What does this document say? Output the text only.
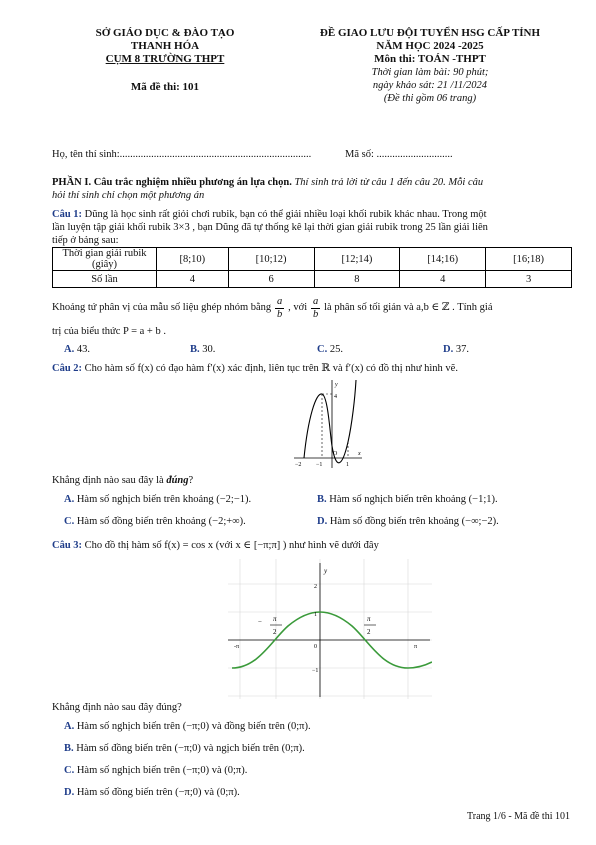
SỞ GIÁO DỤC & ĐÀO TẠO
THANH HÓA
CỤM 8 TRƯỜNG THPT
Mã đề thi: 101
ĐỀ GIAO LƯU ĐỘI TUYỂN HSG CẤP TỈNH
NĂM HỌC 2024 -2025
Môn thi: TOÁN -THPT
Thời gian làm bài: 90 phút;
ngày khảo sát: 21 /11/2024
(Đề thi gồm 06 trang)
Họ, tên thí sinh:.........................................................................	Mã số: .............................
PHẦN I. Câu trắc nghiệm nhiều phương án lựa chọn. Thí sinh trả lời từ câu 1 đến câu 20. Mỗi câu
hỏi thí sinh chỉ chọn một phương án
Câu 1: Dũng là học sinh rất giỏi chơi rubik, bạn có thể giải nhiều loại khối rubik khác nhau. Trong một
lần luyện tập giải khối rubik 3×3 , bạn Dũng đã tự thống kê lại thời gian giải rubik trong 25 lần giải liên
tiếp ở bảng sau:
Thời gian giải rubik (giây)	[8;10)	[10;12)	[12;14)	[14;16)	[16;18)
Số lần	4	6	8	4	3
Khoảng tứ phân vị của mẫu số liệu ghép nhóm bằng $\frac{a}{b}$ , với $\frac{a}{b}$ là phân số tối giản và a,b ∈ ℤ . Tính giá
trị của biểu thức P = a + b .
A. 43.	B. 30.	C. 25.	D. 37.
Câu 2: Cho hàm số f(x) có đạo hàm f′(x) xác định, liên tục trên ℝ và f′(x) có đồ thị như hình vẽ.
y
x
4
O
−2 −1	1
Khẳng định nào sau đây là đúng?
A. Hàm số nghịch biến trên khoảng (−2;−1).	B. Hàm số nghịch biến trên khoảng (−1;1).
C. Hàm số đồng biến trên khoảng (−2;+∞).	D. Hàm số đồng biến trên khoảng (−∞;−2).
Câu 3: Cho đồ thị hàm số f(x) = cos x (với x ∈ [−π;π] ) như hình vẽ dưới đây
y
2
1
−1
0
-π	π
− π
2
π
2
Khẳng định nào sau đây đúng?
A. Hàm số nghịch biến trên (−π;0) và đồng biến trên (0;π).
B. Hàm số đồng biến trên (−π;0) và ngịch biến trên (0;π).
C. Hàm số nghịch biến trên (−π;0) và (0;π).
D. Hàm số đồng biến trên (−π;0) và (0;π).
Trang 1/6 - Mã đề thi 101
